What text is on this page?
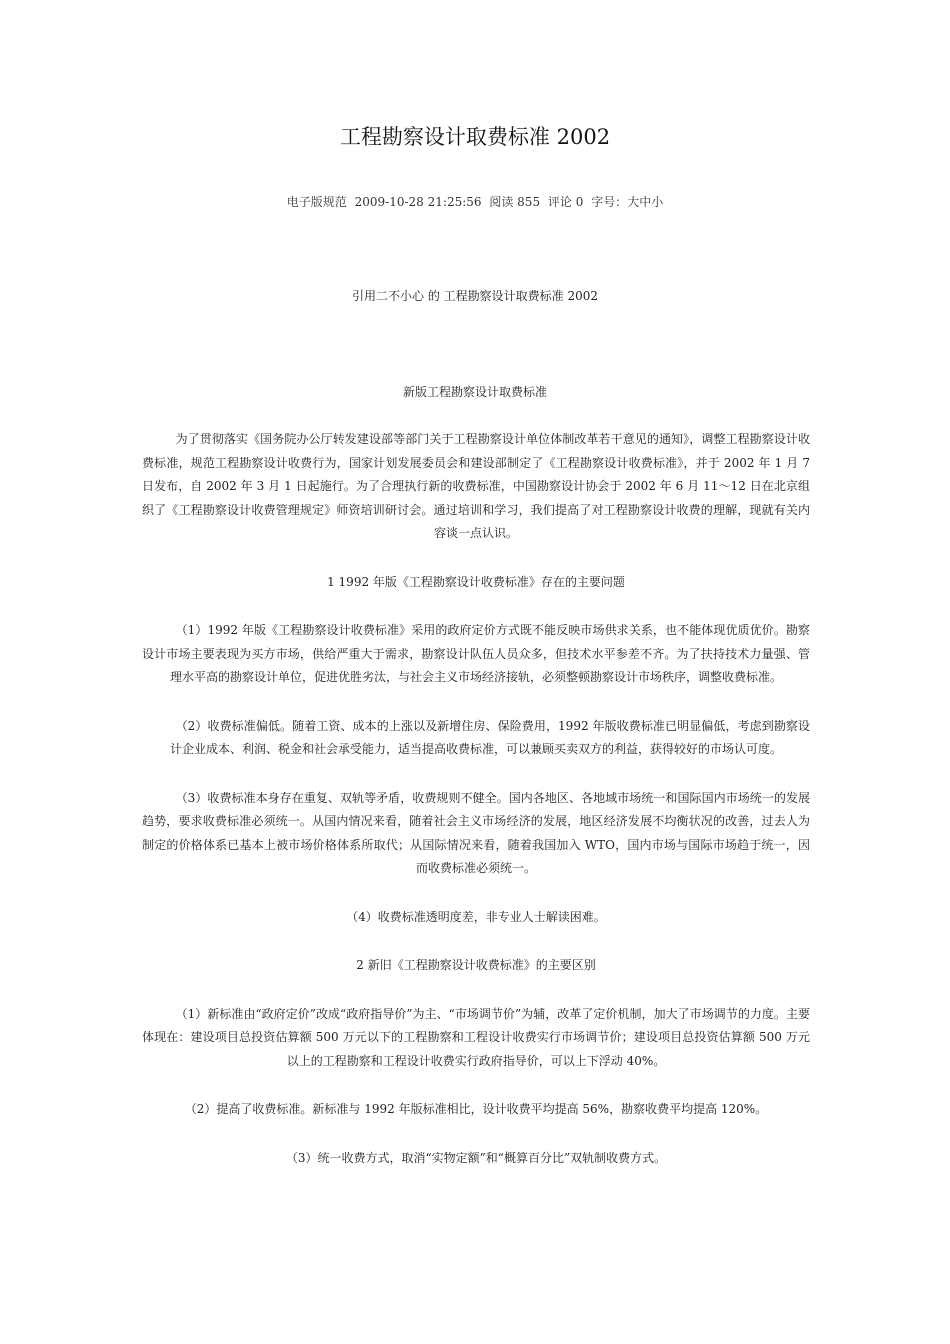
工程勘察设计取费标准 2002
电子版规范 2009-10-28 21:25:56 阅读 855 评论 0 字号：大中小
引用二不小心 的 工程勘察设计取费标准 2002
新版工程勘察设计取费标准

为了贯彻落实《国务院办公厅转发建设部等部门关于工程勘察设计单位体制改革若干意见的通知》，调整工程勘察设计收费标准，规范工程勘察设计收费行为，国家计划发展委员会和建设部制定了《工程勘察设计收费标准》，并于 2002 年 1 月 7 日发布，自 2002 年 3 月 1 日起施行。为了合理执行新的收费标准，中国勘察设计协会于 2002 年 6 月 11～12 日在北京组织了《工程勘察设计收费管理规定》师资培训研讨会。通过培训和学习，我们提高了对工程勘察设计收费的理解，现就有关内容谈一点认识。

1 1992 年版《工程勘察设计收费标准》存在的主要问题

（1）1992 年版《工程勘察设计收费标准》采用的政府定价方式既不能反映市场供求关系，也不能体现优质优价。勘察设计市场主要表现为买方市场，供给严重大于需求，勘察设计队伍人员众多，但技术水平参差不齐。为了扶持技术力量强、管理水平高的勘察设计单位，促进优胜劣汰，与社会主义市场经济接轨，必须整顿勘察设计市场秩序，调整收费标准。

（2）收费标准偏低。随着工资、成本的上涨以及新增住房、保险费用，1992 年版收费标准已明显偏低，考虑到勘察设计企业成本、利润、税金和社会承受能力，适当提高收费标准，可以兼顾买卖双方的利益，获得较好的市场认可度。

（3）收费标准本身存在重复、双轨等矛盾，收费规则不健全。国内各地区、各地域市场统一和国际国内市场统一的发展趋势，要求收费标准必须统一。从国内情况来看，随着社会主义市场经济的发展，地区经济发展不均衡状况的改善，过去人为制定的价格体系已基本上被市场价格体系所取代；从国际情况来看，随着我国加入 WTO，国内市场与国际市场趋于统一，因而收费标准必须统一。

（4）收费标准透明度差，非专业人士解读困难。

2 新旧《工程勘察设计收费标准》的主要区别

（1）新标准由“政府定价”改成“政府指导价”为主、“市场调节价”为辅，改革了定价机制，加大了市场调节的力度。主要体现在：建设项目总投资估算额 500 万元以下的工程勘察和工程设计收费实行市场调节价；建设项目总投资估算额 500 万元以上的工程勘察和工程设计收费实行政府指导价，可以上下浮动 40%。

（2）提高了收费标准。新标准与 1992 年版标准相比，设计收费平均提高 56%，勘察收费平均提高 120%。

（3）统一收费方式，取消“实物定额”和“概算百分比”双轨制收费方式。
